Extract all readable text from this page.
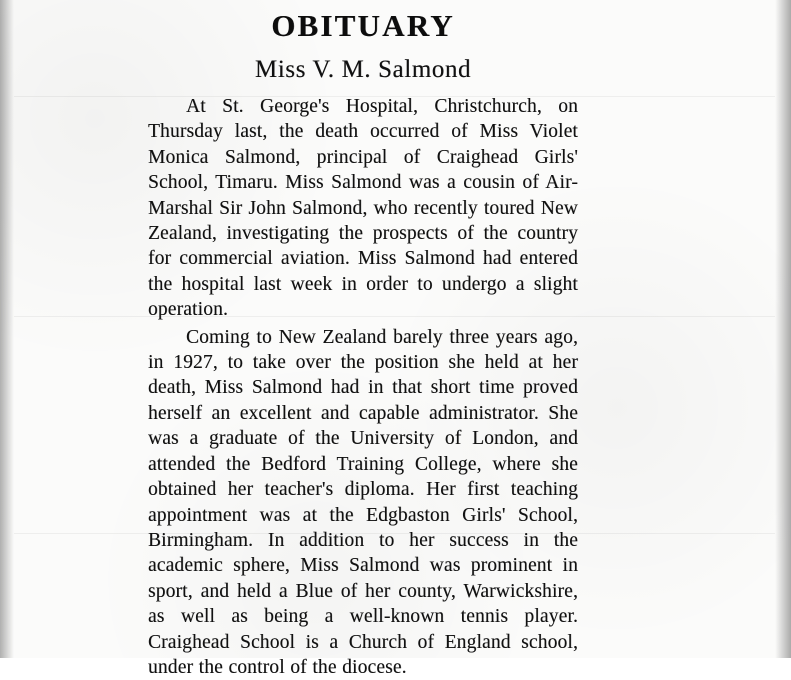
OBITUARY
Miss V. M. Salmond

At St. George's Hospital, Christchurch, on Thursday last, the death occurred of Miss Violet Monica Salmond, principal of Craighead Girls' School, Timaru. Miss Salmond was a cousin of Air-Marshal Sir John Salmond, who recently toured New Zealand, investigating the prospects of the country for commercial aviation. Miss Salmond had entered the hospital last week in order to undergo a slight operation.

Coming to New Zealand barely three years ago, in 1927, to take over the position she held at her death, Miss Salmond had in that short time proved herself an excellent and capable administrator. She was a graduate of the University of London, and attended the Bedford Training College, where she obtained her teacher's diploma. Her first teaching appointment was at the Edgbaston Girls' School, Birmingham. In addition to her success in the academic sphere, Miss Salmond was prominent in sport, and held a Blue of her county, Warwickshire, as well as being a well-known tennis player. Craighead School is a Church of England school, under the control of the diocese.
